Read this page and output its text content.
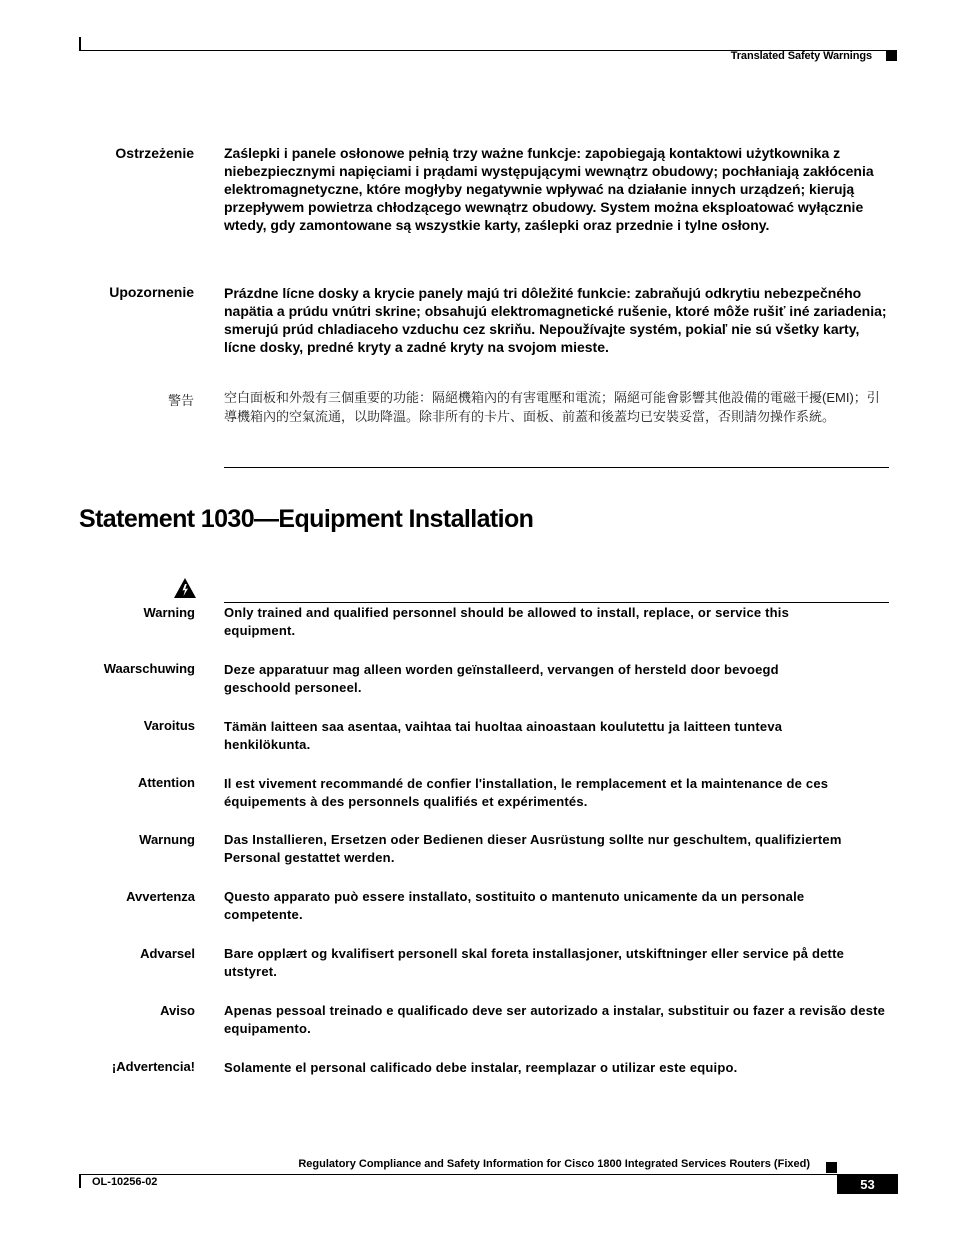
Translated Safety Warnings
Ostrzeżenie Zaślepki i panele osłonowe pełnią trzy ważne funkcje: zapobiegają kontaktowi użytkownika z niebezpiecznymi napięciami i prądami występującymi wewnątrz obudowy; pochłaniają zakłócenia elektromagnetyczne, które mogłyby negatywnie wpływać na działanie innych urządzeń; kierują przepływem powietrza chłodzącego wewnątrz obudowy. System można eksploatować wyłącznie wtedy, gdy zamontowane są wszystkie karty, zaślepki oraz przednie i tylne osłony.
Upozornenie Prázdne lícne dosky a krycie panely majú tri dôležité funkcie: zabraňujú odkrytiu nebezpečného napätia a prúdu vnútri skrine; obsahujú elektromagnetické rušenie, ktoré môže rušiť iné zariadenia; smerujú prúd chladiaceho vzduchu cez skriňu. Nepoužívajte systém, pokiaľ nie sú všetky karty, lícne dosky, predné kryty a zadné kryty na svojom mieste.
警告 空白面板和外殼有三個重要的功能：隔絕機箱內的有害電壓和電流；隔絕可能會影響其他設備的電磁干擾(EMI)；引導機箱內的空氣流通，以助降溫。除非所有的卡片、面板、前蓋和後蓋均已安裝妥當，否則請勿操作系統。
Statement 1030—Equipment Installation
Warning Only trained and qualified personnel should be allowed to install, replace, or service this equipment.
Waarschuwing Deze apparatuur mag alleen worden geïnstalleerd, vervangen of hersteld door bevoegd geschoold personeel.
Varoitus Tämän laitteen saa asentaa, vaihtaa tai huoltaa ainoastaan koulutettu ja laitteen tunteva henkilökunta.
Attention Il est vivement recommandé de confier l'installation, le remplacement et la maintenance de ces équipements à des personnels qualifiés et expérimentés.
Warnung Das Installieren, Ersetzen oder Bedienen dieser Ausrüstung sollte nur geschultem, qualifiziertem Personal gestattet werden.
Avvertenza Questo apparato può essere installato, sostituito o mantenuto unicamente da un personale competente.
Advarsel Bare opplært og kvalifisert personell skal foreta installasjoner, utskiftninger eller service på dette utstyret.
Aviso Apenas pessoal treinado e qualificado deve ser autorizado a instalar, substituir ou fazer a revisão deste equipamento.
¡Advertencia! Solamente el personal calificado debe instalar, reemplazar o utilizar este equipo.
Regulatory Compliance and Safety Information for Cisco 1800 Integrated Services Routers (Fixed)
OL-10256-02	53
